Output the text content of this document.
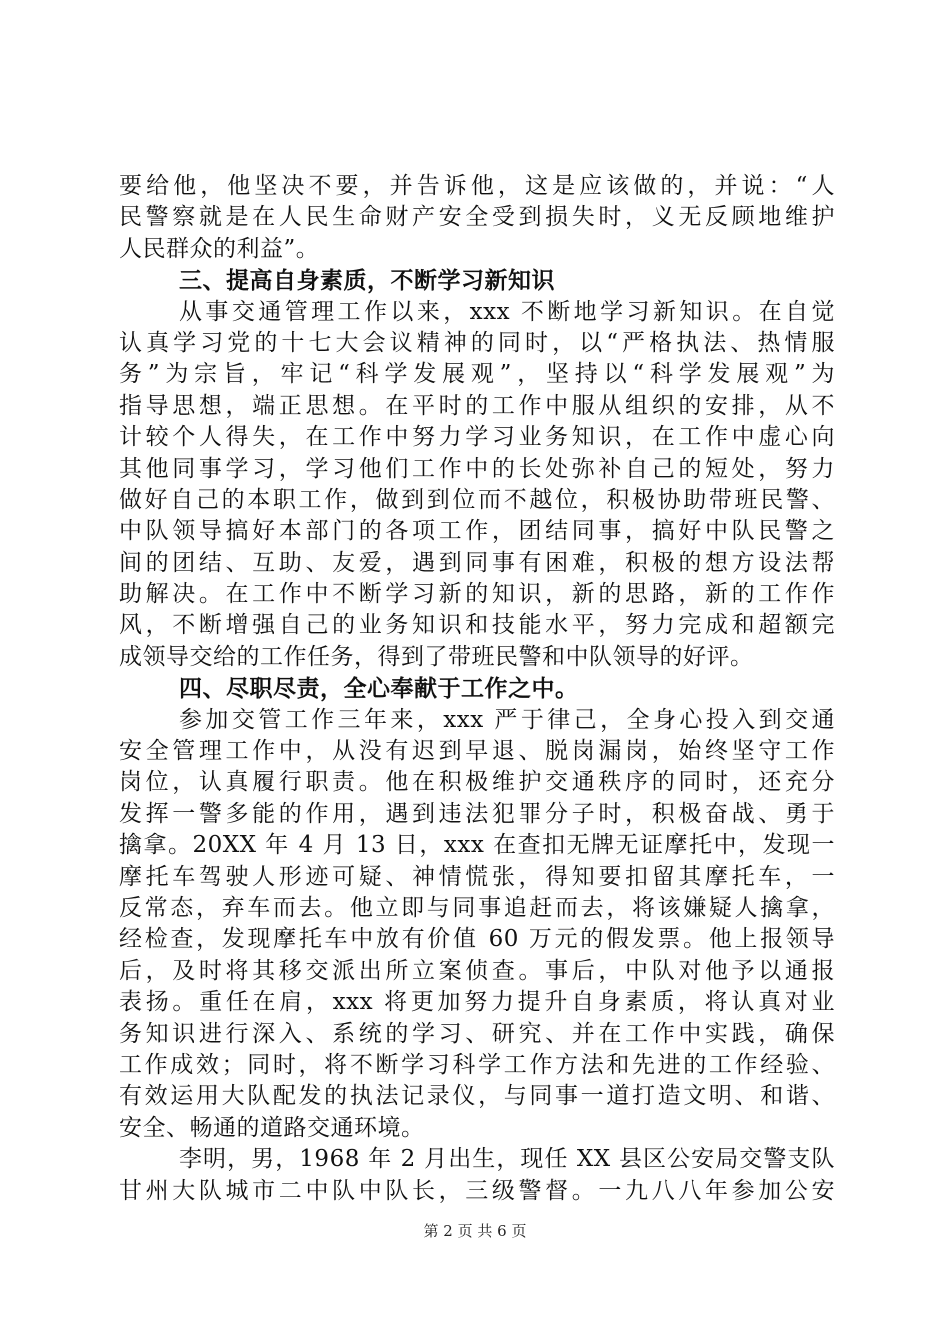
要给他，他坚决不要，并告诉他，这是应该做的，并说：“人
民警察就是在人民生命财产安全受到损失时，义无反顾地维护
人民群众的利益”。
三、提高自身素质，不断学习新知识
从事交通管理工作以来，xxx 不断地学习新知识。在自觉
认真学习党的十七大会议精神的同时，以“严格执法、热情服
务”为宗旨，牢记“科学发展观”，坚持以“科学发展观”为
指导思想，端正思想。在平时的工作中服从组织的安排，从不
计较个人得失，在工作中努力学习业务知识，在工作中虚心向
其他同事学习，学习他们工作中的长处弥补自己的短处，努力
做好自己的本职工作，做到到位而不越位，积极协助带班民警、
中队领导搞好本部门的各项工作，团结同事，搞好中队民警之
间的团结、互助、友爱，遇到同事有困难，积极的想方设法帮
助解决。在工作中不断学习新的知识，新的思路，新的工作作
风，不断增强自己的业务知识和技能水平，努力完成和超额完
成领导交给的工作任务，得到了带班民警和中队领导的好评。
四、尽职尽责，全心奉献于工作之中。
参加交管工作三年来，xxx 严于律己，全身心投入到交通
安全管理工作中，从没有迟到早退、脱岗漏岗，始终坚守工作
岗位，认真履行职责。他在积极维护交通秩序的同时，还充分
发挥一警多能的作用，遇到违法犯罪分子时，积极奋战、勇于
擒拿。20XX 年 4 月 13 日，xxx 在查扣无牌无证摩托中，发现一
摩托车驾驶人形迹可疑、神情慌张，得知要扣留其摩托车，一
反常态，弃车而去。他立即与同事追赶而去，将该嫌疑人擒拿，
经检查，发现摩托车中放有价值 60 万元的假发票。他上报领导
后，及时将其移交派出所立案侦查。事后，中队对他予以通报
表扬。重任在肩，xxx 将更加努力提升自身素质，将认真对业
务知识进行深入、系统的学习、研究、并在工作中实践，确保
工作成效；同时，将不断学习科学工作方法和先进的工作经验、
有效运用大队配发的执法记录仪，与同事一道打造文明、和谐、
安全、畅通的道路交通环境。
李明，男，1968 年 2 月出生，现任 XX 县区公安局交警支队
甘州大队城市二中队中队长，三级警督。一九八八年参加公安
第 2 页 共 6 页
